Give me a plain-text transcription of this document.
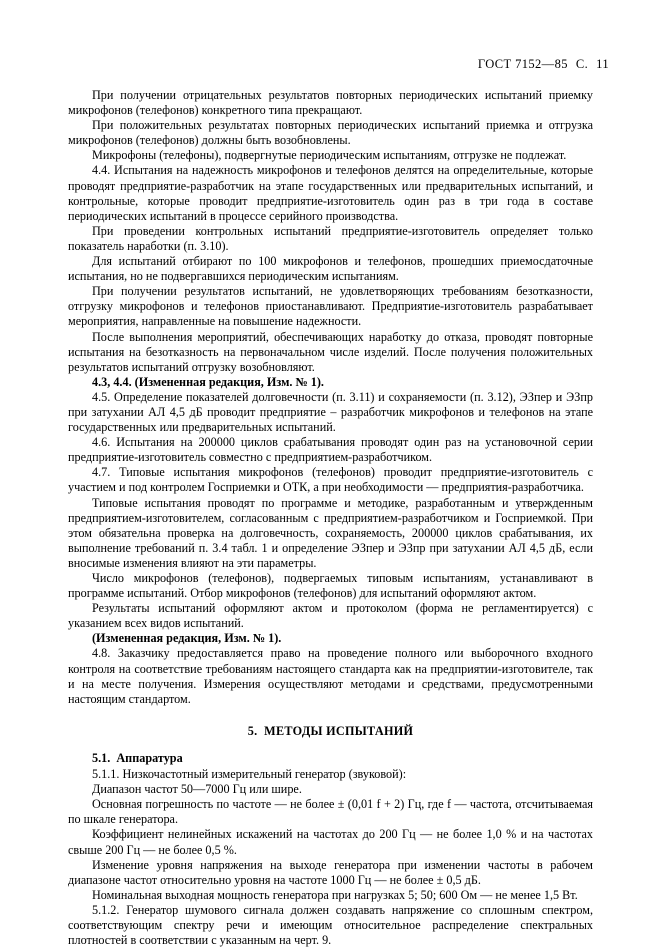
ГОСТ 7152—85 С. 11

При получении отрицательных результатов повторных периодических испытаний приемку микрофонов (телефонов) конкретного типа прекращают.

При положительных результатах повторных периодических испытаний приемка и отгрузка микрофонов (телефонов) должны быть возобновлены.

Микрофоны (телефоны), подвергнутые периодическим испытаниям, отгрузке не подлежат.

4.4. Испытания на надежность микрофонов и телефонов делятся на определительные, которые проводят предприятие-разработчик на этапе государственных или предварительных испытаний, и контрольные, которые проводит предприятие-изготовитель один раз в три года в составе периодических испытаний в процессе серийного производства.

При проведении контрольных испытаний предприятие-изготовитель определяет только показатель наработки (п. 3.10).

Для испытаний отбирают по 100 микрофонов и телефонов, прошедших приемосдаточные испытания, но не подвергавшихся периодическим испытаниям.

При получении результатов испытаний, не удовлетворяющих требованиям безотказности, отгрузку микрофонов и телефонов приостанавливают. Предприятие-изготовитель разрабатывает мероприятия, направленные на повышение надежности.

После выполнения мероприятий, обеспечивающих наработку до отказа, проводят повторные испытания на безотказность на первоначальном числе изделий. После получения положительных результатов испытаний отгрузку возобновляют.

4.3, 4.4. (Измененная редакция, Изм. № 1).

4.5. Определение показателей долговечности (п. 3.11) и сохраняемости (п. 3.12), ЭЗпер и ЭЗпр при затухании АЛ 4,5 дБ проводит предприятие – разработчик микрофонов и телефонов на этапе государственных или предварительных испытаний.

4.6. Испытания на 200000 циклов срабатывания проводят один раз на установочной серии предприятие-изготовитель совместно с предприятием-разработчиком.

4.7. Типовые испытания микрофонов (телефонов) проводит предприятие-изготовитель с участием и под контролем Госприемки и ОТК, а при необходимости — предприятия-разработчика.

Типовые испытания проводят по программе и методике, разработанным и утвержденным предприятием-изготовителем, согласованным с предприятием-разработчиком и Госприемкой. При этом обязательна проверка на долговечность, сохраняемость, 200000 циклов срабатывания, их выполнение требований п. 3.4 табл. 1 и определение ЭЗпер и ЭЗпр при затухании АЛ 4,5 дБ, если вносимые изменения влияют на эти параметры.

Число микрофонов (телефонов), подвергаемых типовым испытаниям, устанавливают в программе испытаний. Отбор микрофонов (телефонов) для испытаний оформляют актом.

Результаты испытаний оформляют актом и протоколом (форма не регламентируется) с указанием всех видов испытаний.

(Измененная редакция, Изм. № 1).

4.8. Заказчику предоставляется право на проведение полного или выборочного входного контроля на соответствие требованиям настоящего стандарта как на предприятии-изготовителе, так и на месте получения. Измерения осуществляют методами и средствами, предусмотренными настоящим стандартом.

5. МЕТОДЫ ИСПЫТАНИЙ

5.1. Аппаратура

5.1.1. Низкочастотный измерительный генератор (звуковой):

Диапазон частот 50—7000 Гц или шире.

Основная погрешность по частоте — не более ± (0,01 f + 2) Гц, где f — частота, отсчитываемая по шкале генератора.

Коэффициент нелинейных искажений на частотах до 200 Гц — не более 1,0 % и на частотах свыше 200 Гц — не более 0,5 %.

Изменение уровня напряжения на выходе генератора при изменении частоты в рабочем диапазоне частот относительно уровня на частоте 1000 Гц — не более ± 0,5 дБ.

Номинальная выходная мощность генератора при нагрузках 5; 50; 600 Ом — не менее 1,5 Вт.

5.1.2. Генератор шумового сигнала должен создавать напряжение со сплошным спектром, соответствующим спектру речи и имеющим относительное распределение спектральных плотностей в соответствии с указанным на черт. 9.
